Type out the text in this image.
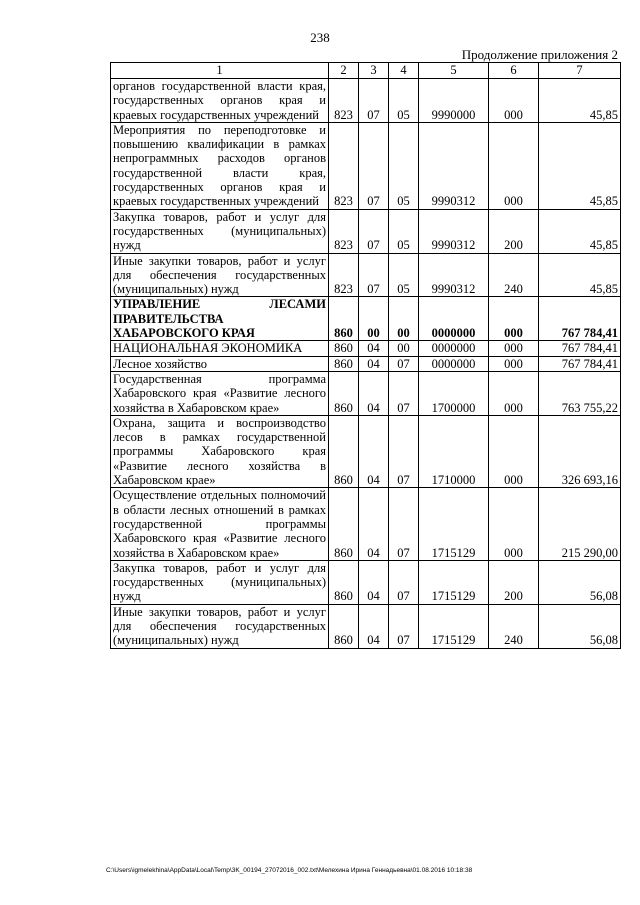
238
Продолжение приложения 2
1	2	3	4	5	6	7
органов государственной власти края, государственных органов края и краевых государственных учреждений	823	07	05	9990000	000	45,85
Мероприятия по переподготовке и повышению квалификации в рамках непрограммных расходов органов государственной власти края, государственных органов края и краевых государственных учреждений	823	07	05	9990312	000	45,85
Закупка товаров, работ и услуг для государственных (муниципальных) нужд	823	07	05	9990312	200	45,85
Иные закупки товаров, работ и услуг для обеспечения государственных (муниципальных) нужд	823	07	05	9990312	240	45,85
УПРАВЛЕНИЕ ЛЕСАМИ ПРАВИТЕЛЬСТВА ХАБАРОВСКОГО КРАЯ	860	00	00	0000000	000	767 784,41
НАЦИОНАЛЬНАЯ ЭКОНОМИКА	860	04	00	0000000	000	767 784,41
Лесное хозяйство	860	04	07	0000000	000	767 784,41
Государственная программа Хабаровского края «Развитие лесного хозяйства в Хабаровском крае»	860	04	07	1700000	000	763 755,22
Охрана, защита и воспроизводство лесов в рамках государственной программы Хабаровского края «Развитие лесного хозяйства в Хабаровском крае»	860	04	07	1710000	000	326 693,16
Осуществление отдельных полномочий в области лесных отношений в рамках государственной программы Хабаровского края «Развитие лесного хозяйства в Хабаровском крае»	860	04	07	1715129	000	215 290,00
Закупка товаров, работ и услуг для государственных (муниципальных) нужд	860	04	07	1715129	200	56,08
Иные закупки товаров, работ и услуг для обеспечения государственных (муниципальных) нужд	860	04	07	1715129	240	56,08
C:\Users\igmelekhina\AppData\Local\Temp\3K_00194_27072016_002.txt\Мелехина Ирина Геннадьевна\01.08.2016 10:18:38
